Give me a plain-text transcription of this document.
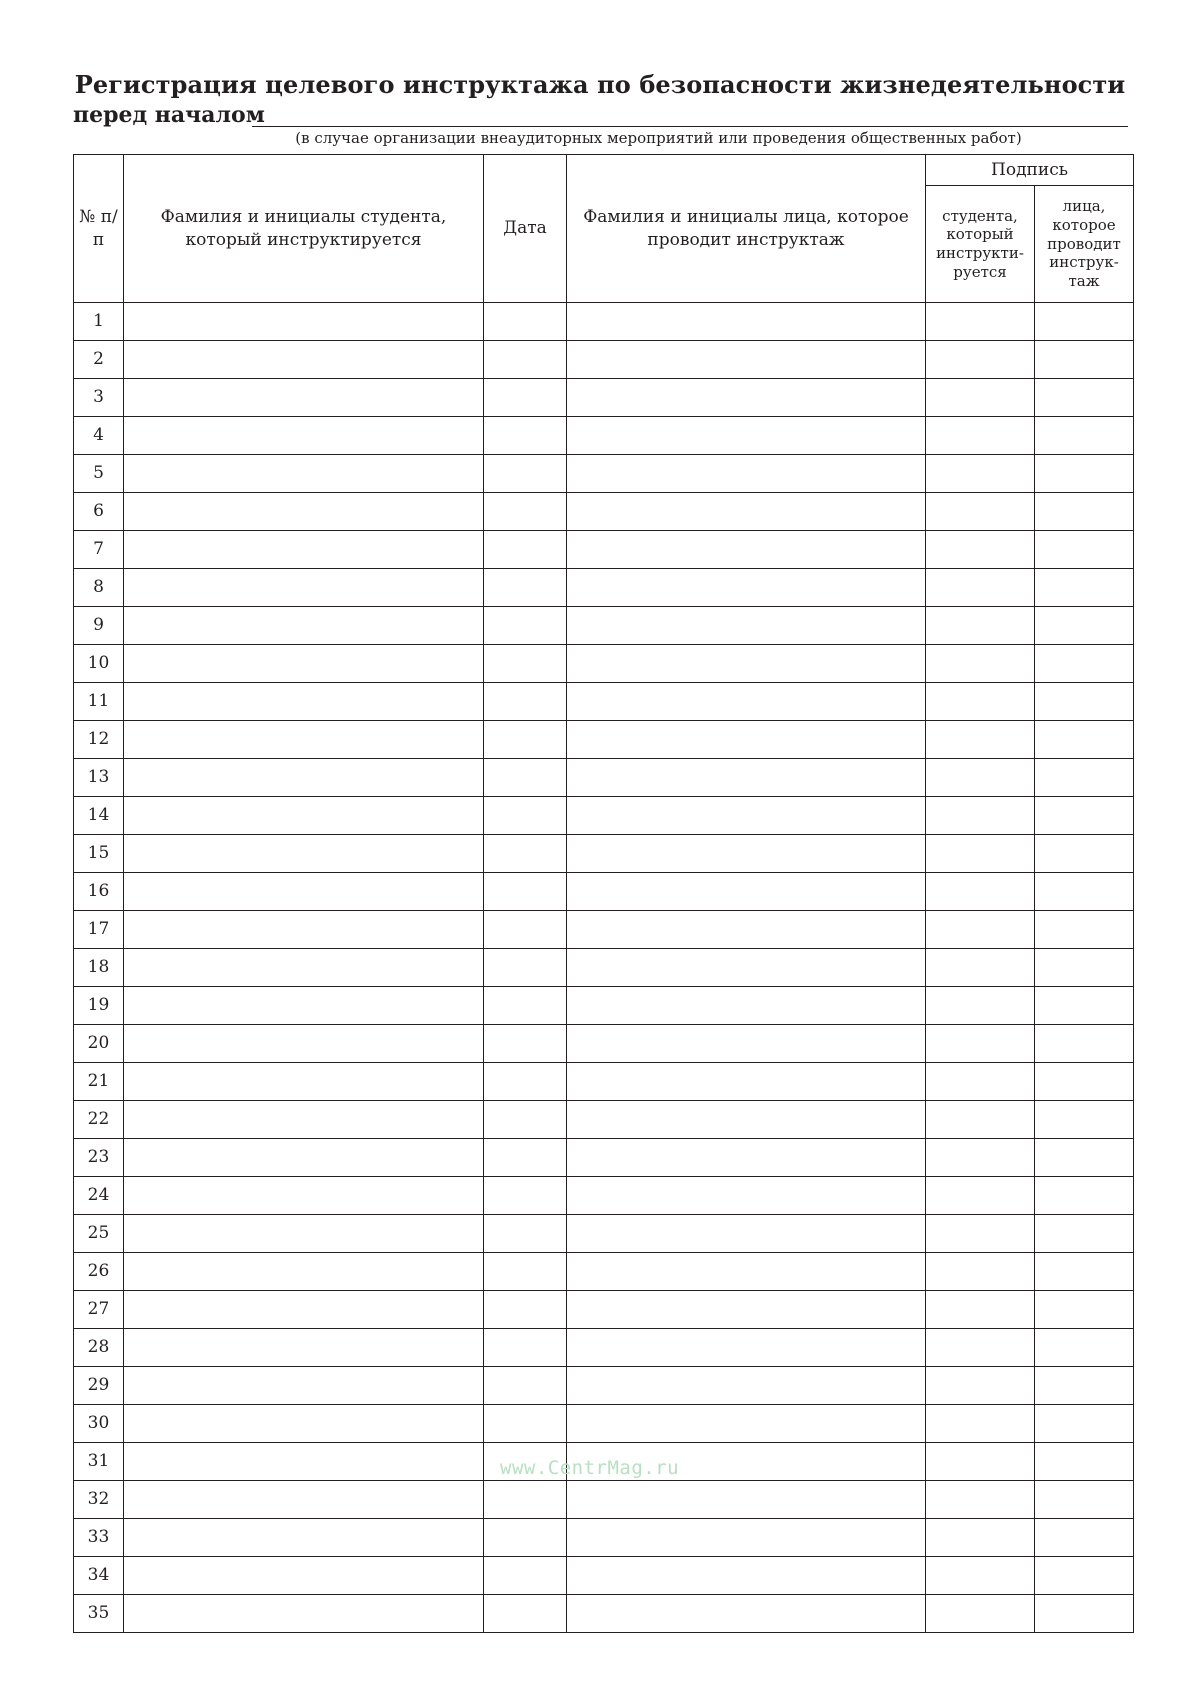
Регистрация целевого инструктажа по безопасности жизнедеятельности
перед началом
(в случае организации внеаудиторных мероприятий или проведения общественных работ)
№ п/п	Фамилия и инициалы студента, который инструктируется	Дата	Фамилия и инициалы лица, которое проводит инструктаж	Подпись	
				студента, который инструкти-руется	лица, которое проводит инструк-таж
1					
2					
3					
4					
5					
6					
7					
8					
9					
10					
11					
12					
13					
14					
15					
16					
17					
18					
19					
20					
21					
22					
23					
24					
25					
26					
27					
28					
29					
30					
31					
32					
33					
34					
35					
www.CentrMag.ru
